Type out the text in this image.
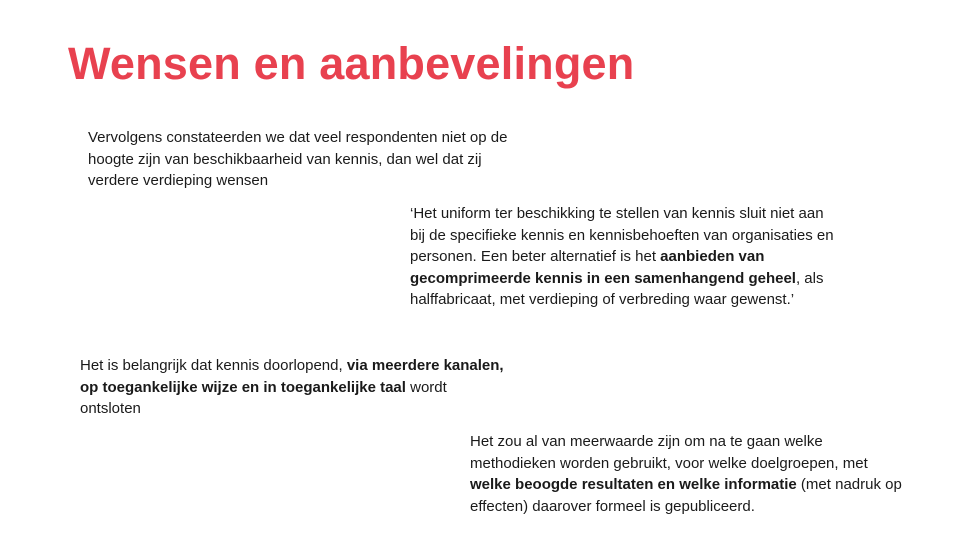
Wensen en aanbevelingen
Vervolgens constateerden we dat veel respondenten niet op de
hoogte zijn van beschikbaarheid van kennis, dan wel dat zij
verdere verdieping wensen
‘Het uniform ter beschikking te stellen van kennis sluit niet aan
bij de specifieke kennis en kennisbehoeften van organisaties en
personen. Een beter alternatief is het aanbieden van
gecomprimeerde kennis in een samenhangend geheel, als
halffabricaat, met verdieping of verbreding waar gewenst.’
Het is belangrijk dat kennis doorlopend, via meerdere kanalen,
op toegankelijke wijze en in toegankelijke taal wordt
ontsloten
Het zou al van meerwaarde zijn om na te gaan welke
methodieken worden gebruikt, voor welke doelgroepen, met
welke beoogde resultaten en welke informatie (met nadruk op
effecten) daarover formeel is gepubliceerd.
